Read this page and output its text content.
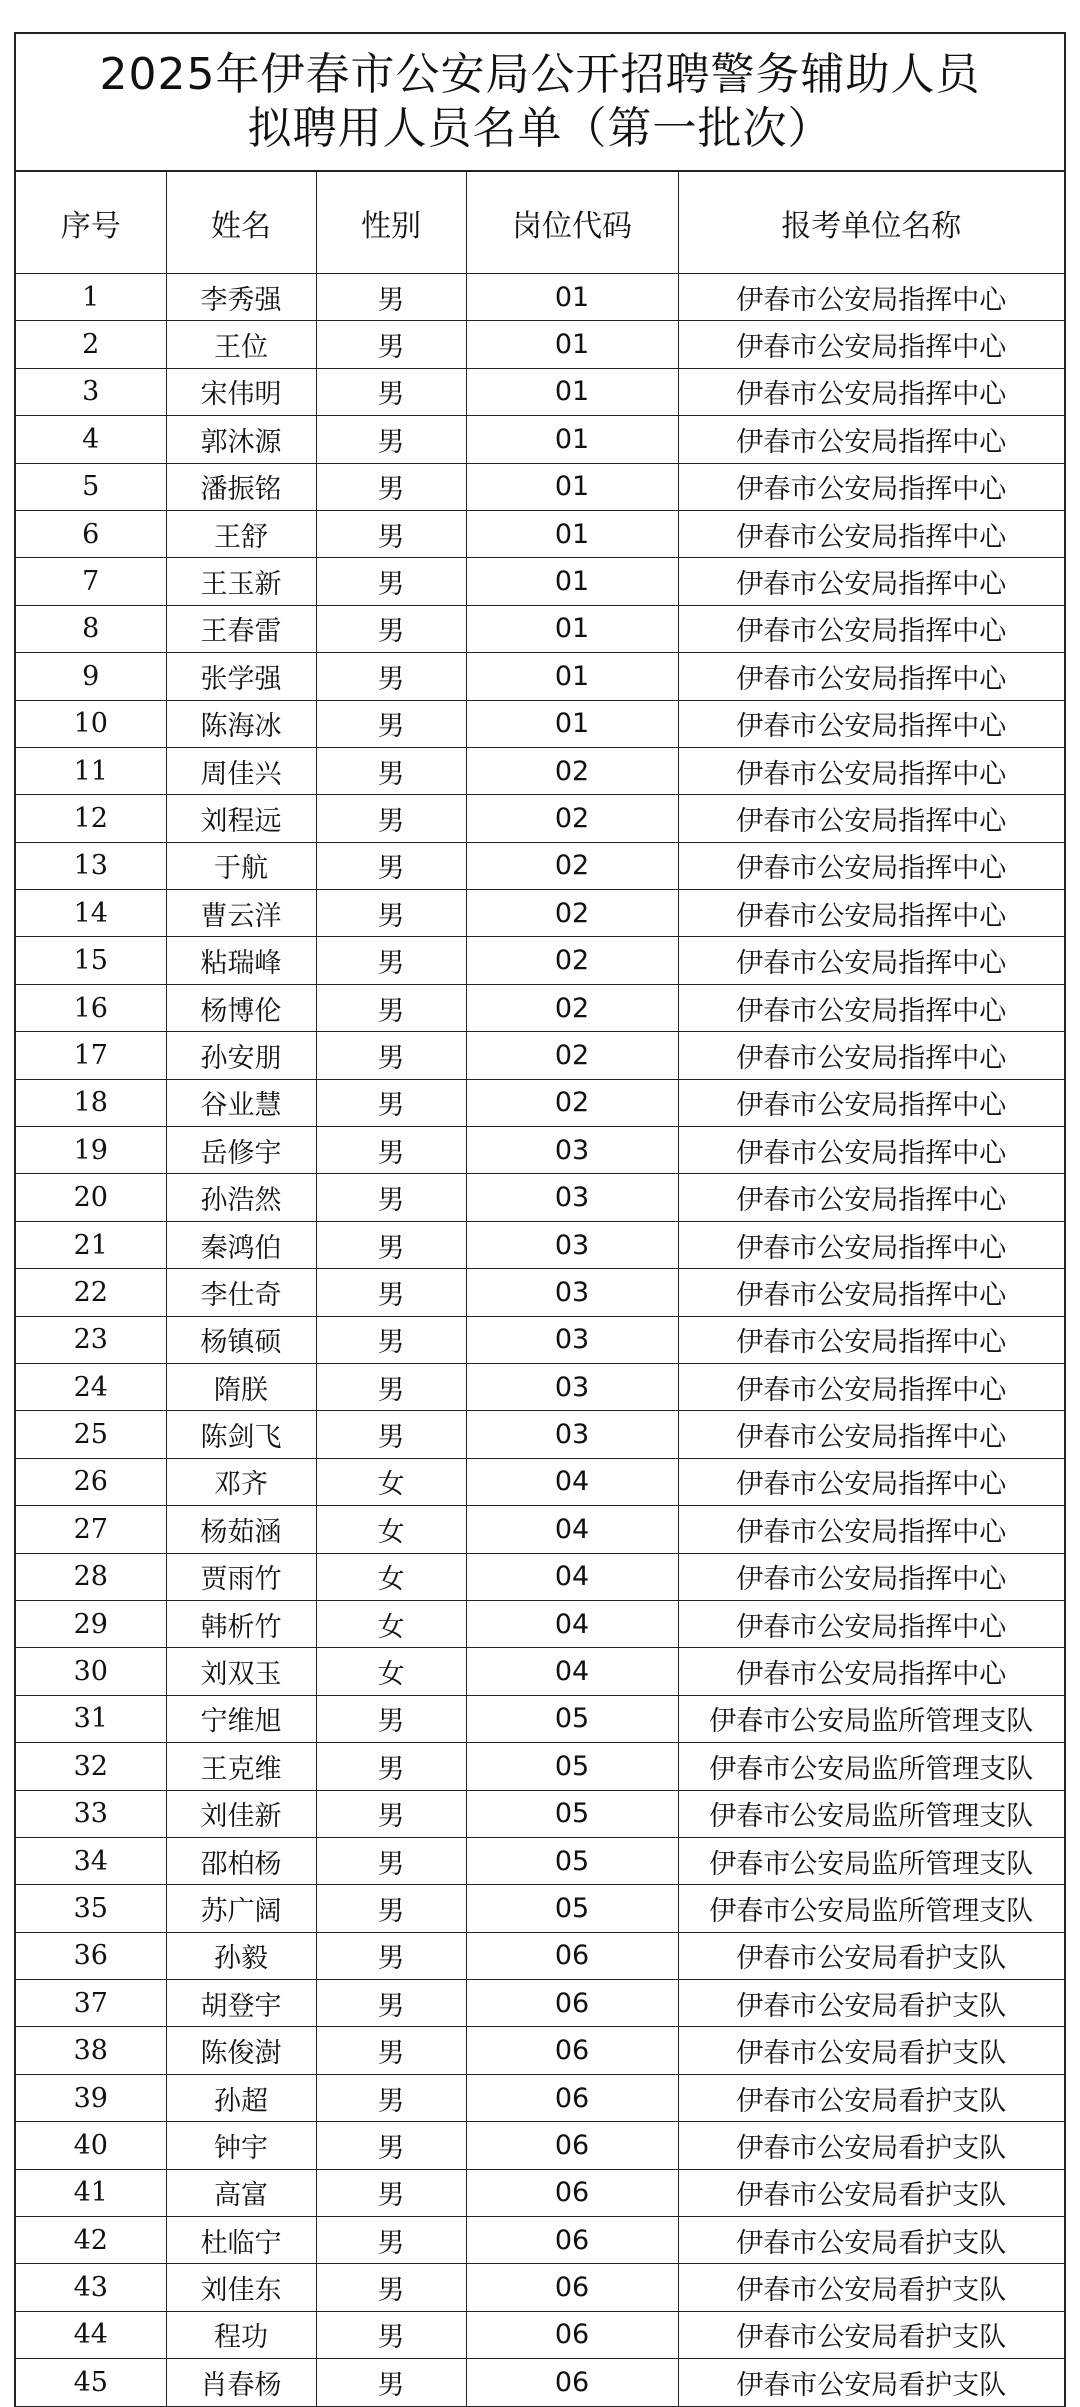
2025年伊春市公安局公开招聘警务辅助人员
拟聘用人员名单（第一批次）
序号	姓名	性别	岗位代码	报考单位名称
1	李秀强	男	01	伊春市公安局指挥中心
2	王位	男	01	伊春市公安局指挥中心
3	宋伟明	男	01	伊春市公安局指挥中心
4	郭沐源	男	01	伊春市公安局指挥中心
5	潘振铭	男	01	伊春市公安局指挥中心
6	王舒	男	01	伊春市公安局指挥中心
7	王玉新	男	01	伊春市公安局指挥中心
8	王春雷	男	01	伊春市公安局指挥中心
9	张学强	男	01	伊春市公安局指挥中心
10	陈海冰	男	01	伊春市公安局指挥中心
11	周佳兴	男	02	伊春市公安局指挥中心
12	刘程远	男	02	伊春市公安局指挥中心
13	于航	男	02	伊春市公安局指挥中心
14	曹云洋	男	02	伊春市公安局指挥中心
15	粘瑞峰	男	02	伊春市公安局指挥中心
16	杨博伦	男	02	伊春市公安局指挥中心
17	孙安朋	男	02	伊春市公安局指挥中心
18	谷业慧	男	02	伊春市公安局指挥中心
19	岳修宇	男	03	伊春市公安局指挥中心
20	孙浩然	男	03	伊春市公安局指挥中心
21	秦鸿伯	男	03	伊春市公安局指挥中心
22	李仕奇	男	03	伊春市公安局指挥中心
23	杨镇硕	男	03	伊春市公安局指挥中心
24	隋朕	男	03	伊春市公安局指挥中心
25	陈剑飞	男	03	伊春市公安局指挥中心
26	邓齐	女	04	伊春市公安局指挥中心
27	杨茹涵	女	04	伊春市公安局指挥中心
28	贾雨竹	女	04	伊春市公安局指挥中心
29	韩析竹	女	04	伊春市公安局指挥中心
30	刘双玉	女	04	伊春市公安局指挥中心
31	宁维旭	男	05	伊春市公安局监所管理支队
32	王克维	男	05	伊春市公安局监所管理支队
33	刘佳新	男	05	伊春市公安局监所管理支队
34	邵柏杨	男	05	伊春市公安局监所管理支队
35	苏广阔	男	05	伊春市公安局监所管理支队
36	孙毅	男	06	伊春市公安局看护支队
37	胡登宇	男	06	伊春市公安局看护支队
38	陈俊澍	男	06	伊春市公安局看护支队
39	孙超	男	06	伊春市公安局看护支队
40	钟宇	男	06	伊春市公安局看护支队
41	高富	男	06	伊春市公安局看护支队
42	杜临宁	男	06	伊春市公安局看护支队
43	刘佳东	男	06	伊春市公安局看护支队
44	程功	男	06	伊春市公安局看护支队
45	肖春杨	男	06	伊春市公安局看护支队
